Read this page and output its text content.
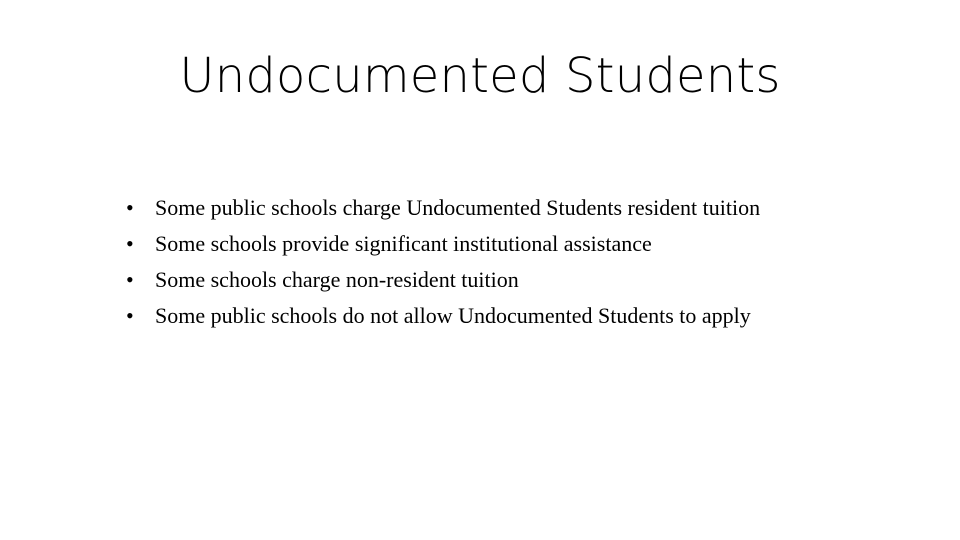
Undocumented Students
• Some public schools charge Undocumented Students resident tuition
• Some schools provide significant institutional assistance
• Some schools charge non-resident tuition
• Some public schools do not allow Undocumented Students to apply
